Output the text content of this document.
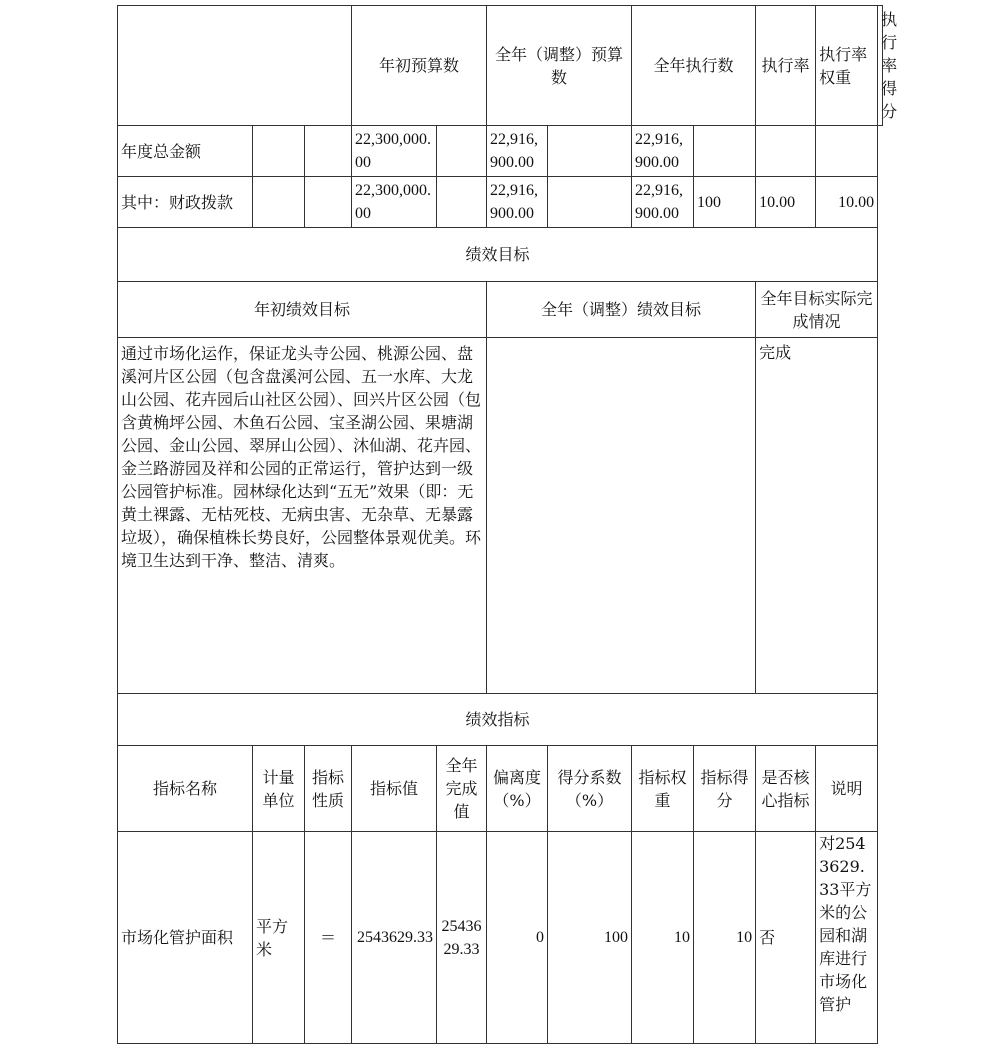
			年初预算数		全年（调整）预算数		全年执行数		执行率	执行率权重	执行率得分
年度总金额			22,300,000.00		22,916,900.00		22,916,900.00				
其中：财政拨款			22,300,000.00		22,916,900.00		22,916,900.00	100	10.00	10.00	
绩效目标											
年初绩效目标					全年（调整）绩效目标				全年目标实际完成情况		
通过市场化运作，保证龙头寺公园、桃源公园、盘溪河片区公园（包含盘溪河公园、五一水库、大龙山公园、花卉园后山社区公园）、回兴片区公园（包含黄桷坪公园、木鱼石公园、宝圣湖公园、果塘湖公园、金山公园、翠屏山公园）、沐仙湖、花卉园、金兰路游园及祥和公园的正常运行，管护达到一级公园管护标准。园林绿化达到“五无”效果（即：无黄土裸露、无枯死枝、无病虫害、无杂草、无暴露垃圾），确保植株长势良好，公园整体景观优美。环境卫生达到干净、整洁、清爽。									完成		
绩效指标											
指标名称	计量单位	指标性质	指标值	全年完成值	偏离度（%）	得分系数（%）	指标权重	指标得分	是否核心指标	说明	
市场化管护面积	平方米	＝	2543629.33	2543629.33	0	100	10	10	否	对2543629.33平方米的公园和湖库进行市场化管护	
